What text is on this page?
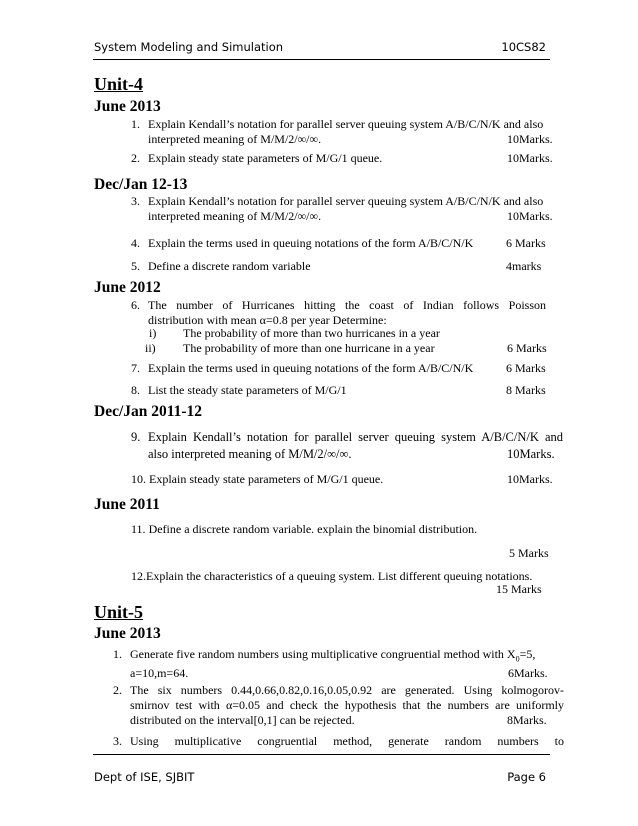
System Modeling and Simulation	10CS82
Unit-4
June 2013
1. Explain Kendall’s notation for parallel server queuing system A/B/C/N/K and also
interpreted meaning of M/M/2/∞/∞.	10Marks.
2. Explain steady state parameters of M/G/1 queue.	10Marks.
Dec/Jan 12-13
3. Explain Kendall’s notation for parallel server queuing system A/B/C/N/K and also
interpreted meaning of M/M/2/∞/∞.	10Marks.
4. Explain the terms used in queuing notations of the form A/B/C/N/K	6 Marks
5. Define a discrete random variable	4marks
June 2012
6. The number of Hurricanes hitting the coast of Indian follows Poisson
distribution with mean α=0.8 per year Determine:
i) The probability of more than two hurricanes in a year
ii) The probability of more than one hurricane in a year	6 Marks
7. Explain the terms used in queuing notations of the form A/B/C/N/K	6 Marks
8. List the steady state parameters of M/G/1	8 Marks
Dec/Jan 2011-12
9. Explain Kendall’s notation for parallel server queuing system A/B/C/N/K and
also interpreted meaning of M/M/2/∞/∞.	10Marks.
10. Explain steady state parameters of M/G/1 queue.	10Marks.
June 2011
11. Define a discrete random variable. explain the binomial distribution.
5 Marks
12.Explain the characteristics of a queuing system. List different queuing notations.
15 Marks
Unit-5
June 2013
1. Generate five random numbers using multiplicative congruential method with $X_0=5$,
a=10,m=64.	6Marks.
2. The six numbers 0.44,0.66,0.82,0.16,0.05,0.92 are generated. Using kolmogorov-
smirnov test with α=0.05 and check the hypothesis that the numbers are uniformly
distributed on the interval[0,1] can be rejected.	8Marks.
3. Using multiplicative congruential method, generate random numbers to
Dept of ISE, SJBIT	Page 6
